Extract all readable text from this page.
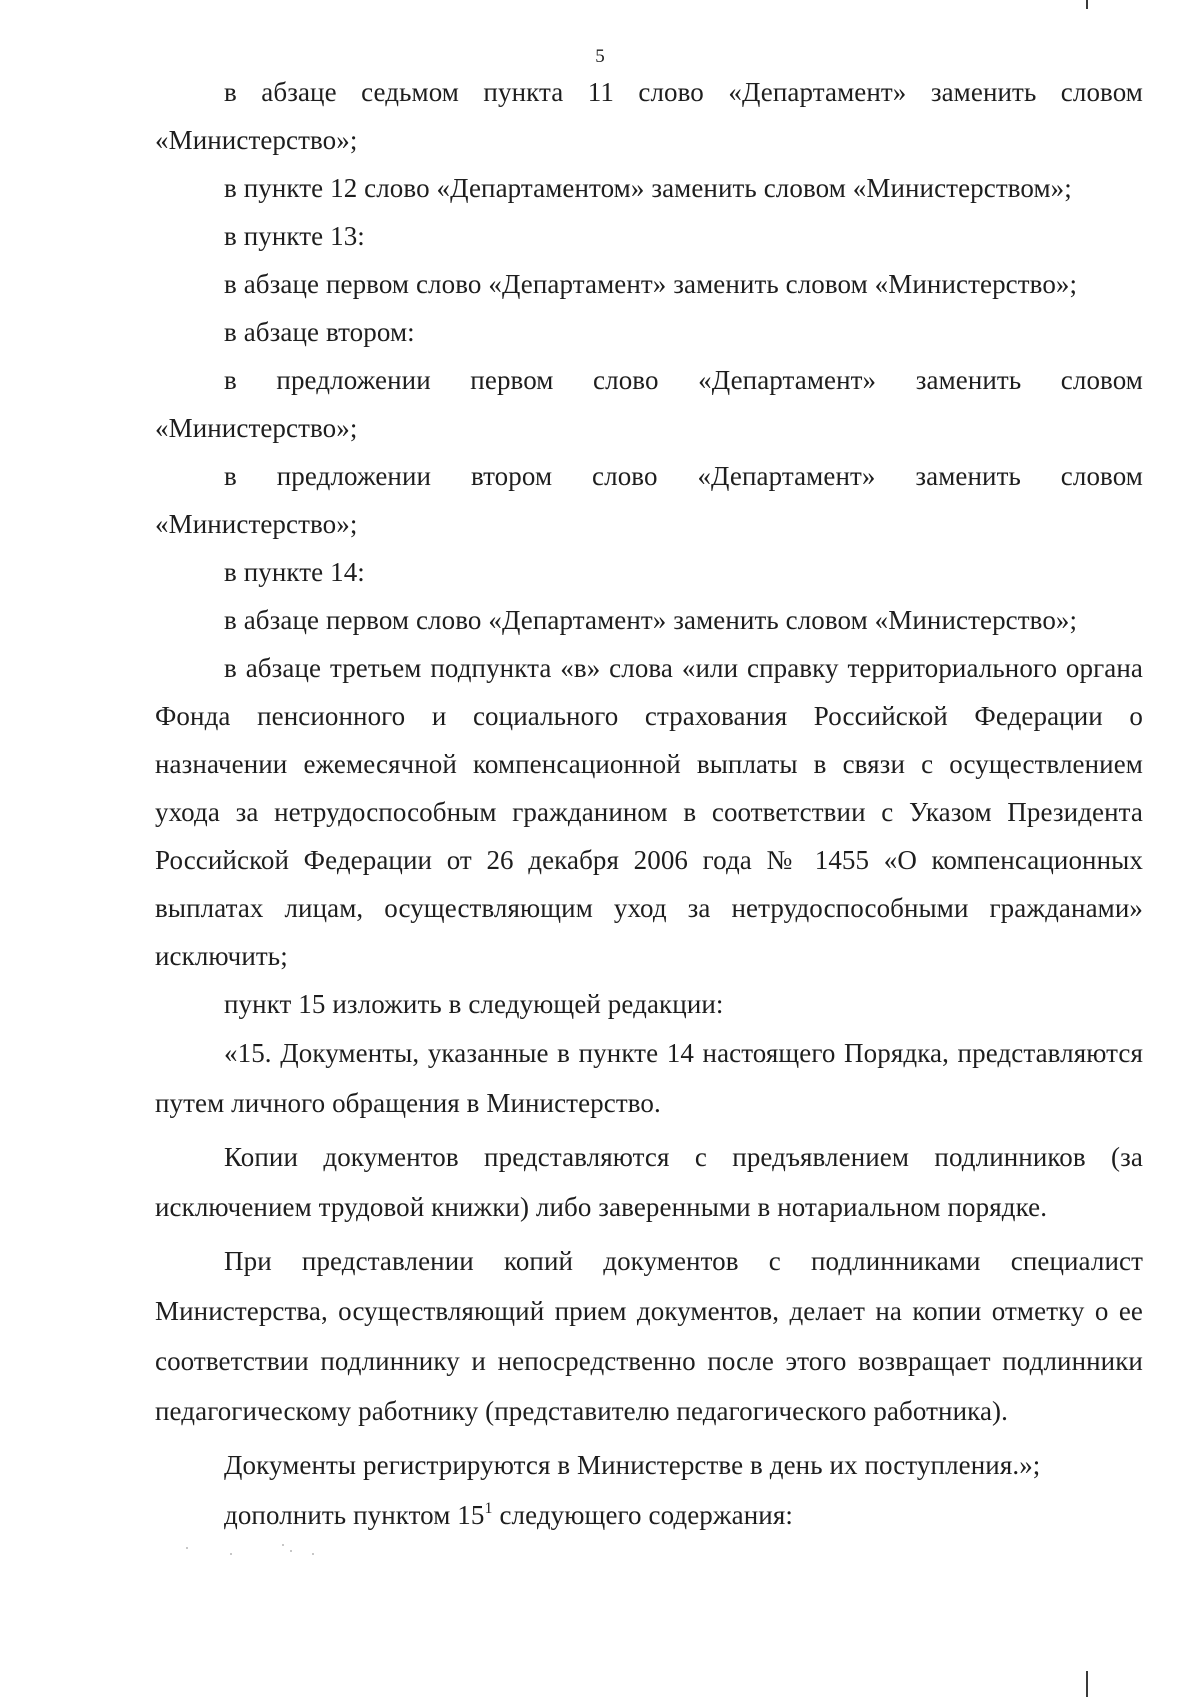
5

в абзаце седьмом пункта 11 слово «Департамент» заменить словом «Министерство»;

в пункте 12 слово «Департаментом» заменить словом «Министерством»;

в пункте 13:

в абзаце первом слово «Департамент» заменить словом «Министерство»;

в абзаце втором:

в предложении первом слово «Департамент» заменить словом «Министерство»;

в предложении втором слово «Департамент» заменить словом «Министерство»;

в пункте 14:

в абзаце первом слово «Департамент» заменить словом «Министерство»;

в абзаце третьем подпункта «в» слова «или справку территориального органа Фонда пенсионного и социального страхования Российской Федерации о назначении ежемесячной компенсационной выплаты в связи с осуществлением ухода за нетрудоспособным гражданином в соответствии с Указом Президента Российской Федерации от 26 декабря 2006 года № 1455 «О компенсационных выплатах лицам, осуществляющим уход за нетрудоспособными гражданами» исключить;

пункт 15 изложить в следующей редакции:

«15. Документы, указанные в пункте 14 настоящего Порядка, представляются путем личного обращения в Министерство.

Копии документов представляются с предъявлением подлинников (за исключением трудовой книжки) либо заверенными в нотариальном порядке.

При представлении копий документов с подлинниками специалист Министерства, осуществляющий прием документов, делает на копии отметку о ее соответствии подлиннику и непосредственно после этого возвращает подлинники педагогическому работнику (представителю педагогического работника).

Документы регистрируются в Министерстве в день их поступления.»;

дополнить пунктом $15^1$ следующего содержания:
